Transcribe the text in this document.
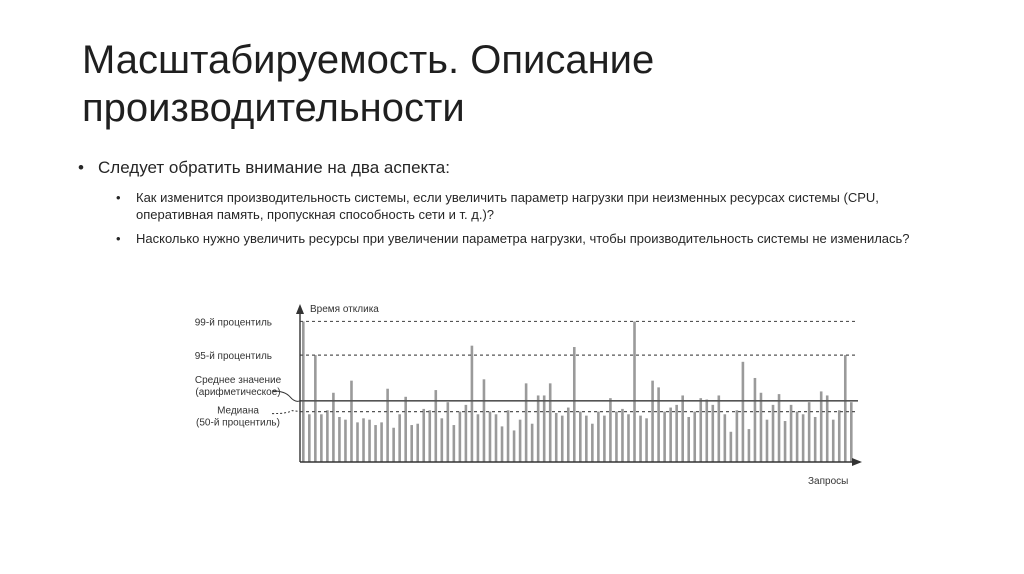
Масштабируемость. Описание
производительности
• Следует обратить внимание на два аспекта:
• Как изменится производительность системы, если увеличить параметр нагрузки при неизменных ресурсах системы (CPU, оперативная память, пропускная способность сети и т. д.)?
• Насколько нужно увеличить ресурсы при увеличении параметра нагрузки, чтобы производительность системы не изменилась?
Время отклика
Запросы
99-й процентиль
95-й процентиль
Среднее значение
(арифметическое)
Медиана
(50-й процентиль)
